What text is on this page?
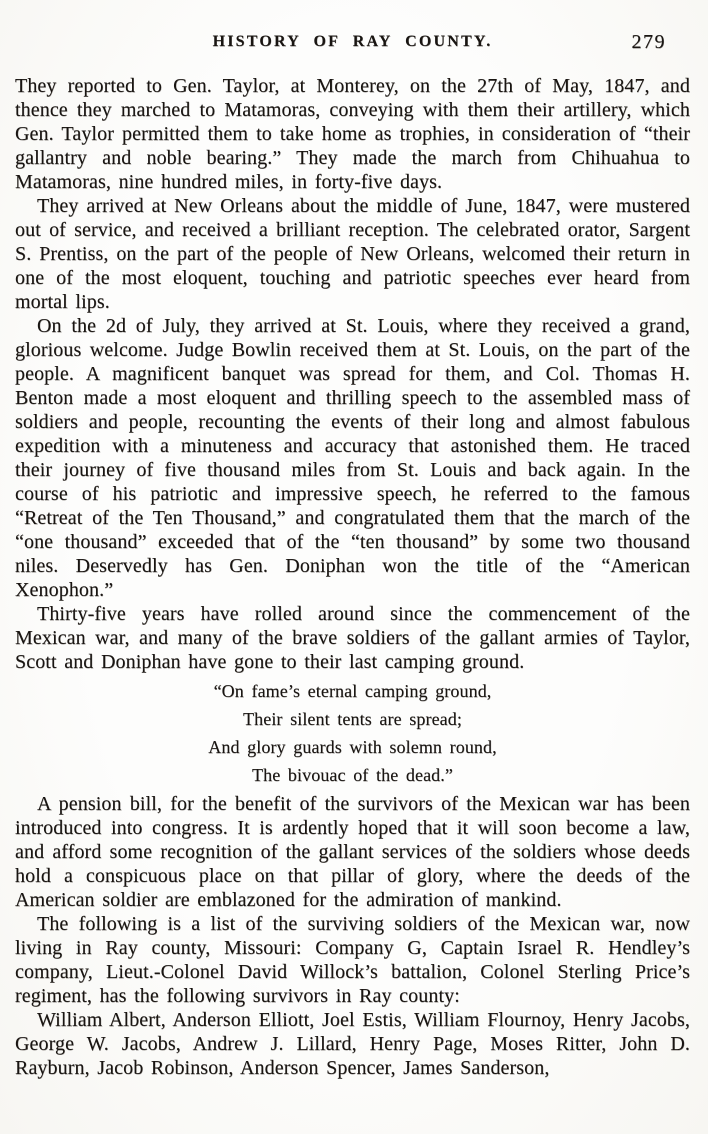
HISTORY OF RAY COUNTY.	279

They reported to Gen. Taylor, at Monterey, on the 27th of May, 1847, and thence they marched to Matamoras, conveying with them their artillery, which Gen. Taylor permitted them to take home as trophies, in consideration of “their gallantry and noble bearing.” They made the march from Chihuahua to Matamoras, nine hundred miles, in forty-five days.

They arrived at New Orleans about the middle of June, 1847, were mustered out of service, and received a brilliant reception. The celebrated orator, Sargent S. Prentiss, on the part of the people of New Orleans, welcomed their return in one of the most eloquent, touching and patriotic speeches ever heard from mortal lips.

On the 2d of July, they arrived at St. Louis, where they received a grand, glorious welcome. Judge Bowlin received them at St. Louis, on the part of the people. A magnificent banquet was spread for them, and Col. Thomas H. Benton made a most eloquent and thrilling speech to the assembled mass of soldiers and people, recounting the events of their long and almost fabulous expedition with a minuteness and accuracy that astonished them. He traced their journey of five thousand miles from St. Louis and back again. In the course of his patriotic and impressive speech, he referred to the famous “Retreat of the Ten Thousand,” and congratulated them that the march of the “one thousand” exceeded that of the “ten thousand” by some two thousand niles. Deservedly has Gen. Doniphan won the title of the “American Xenophon.”

Thirty-five years have rolled around since the commencement of the Mexican war, and many of the brave soldiers of the gallant armies of Taylor, Scott and Doniphan have gone to their last camping ground.

“On fame’s eternal camping ground,
Their silent tents are spread;
And glory guards with solemn round,
The bivouac of the dead.”

A pension bill, for the benefit of the survivors of the Mexican war has been introduced into congress. It is ardently hoped that it will soon become a law, and afford some recognition of the gallant services of the soldiers whose deeds hold a conspicuous place on that pillar of glory, where the deeds of the American soldier are emblazoned for the admiration of mankind.

The following is a list of the surviving soldiers of the Mexican war, now living in Ray county, Missouri: Company G, Captain Israel R. Hendley’s company, Lieut.-Colonel David Willock’s battalion, Colonel Sterling Price’s regiment, has the following survivors in Ray county:

William Albert, Anderson Elliott, Joel Estis, William Flournoy, Henry Jacobs, George W. Jacobs, Andrew J. Lillard, Henry Page, Moses Ritter, John D. Rayburn, Jacob Robinson, Anderson Spencer, James Sanderson,
